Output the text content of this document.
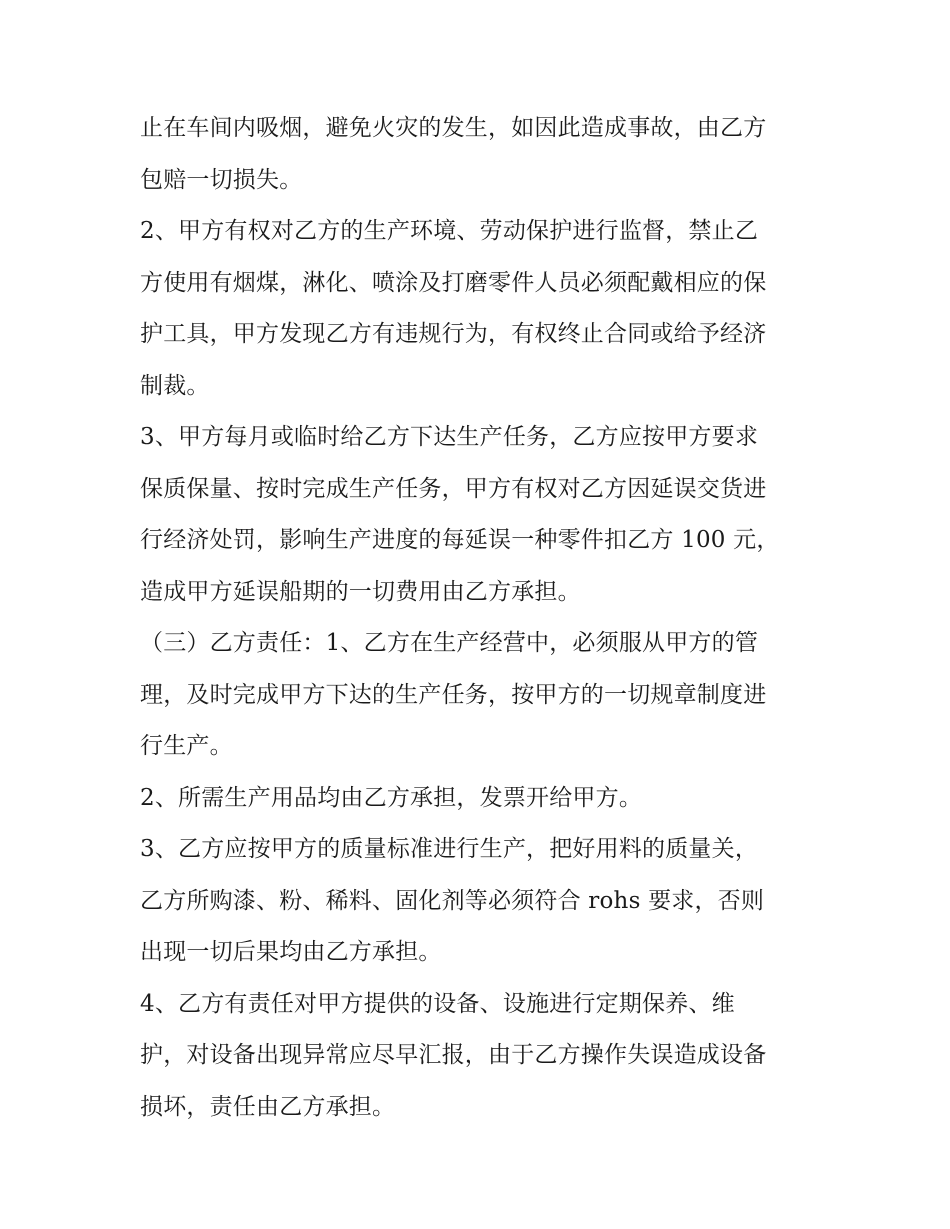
止在车间内吸烟，避免火灾的发生，如因此造成事故，由乙方
包赔一切损失。

2、甲方有权对乙方的生产环境、劳动保护进行监督，禁止乙
方使用有烟煤，淋化、喷涂及打磨零件人员必须配戴相应的保
护工具，甲方发现乙方有违规行为，有权终止合同或给予经济
制裁。

3、甲方每月或临时给乙方下达生产任务，乙方应按甲方要求
保质保量、按时完成生产任务，甲方有权对乙方因延误交货进
行经济处罚，影响生产进度的每延误一种零件扣乙方 100 元，
造成甲方延误船期的一切费用由乙方承担。

（三）乙方责任：1、乙方在生产经营中，必须服从甲方的管
理，及时完成甲方下达的生产任务，按甲方的一切规章制度进
行生产。

2、所需生产用品均由乙方承担，发票开给甲方。

3、乙方应按甲方的质量标准进行生产，把好用料的质量关，
乙方所购漆、粉、稀料、固化剂等必须符合 rohs 要求，否则
出现一切后果均由乙方承担。

4、乙方有责任对甲方提供的设备、设施进行定期保养、维
护，对设备出现异常应尽早汇报，由于乙方操作失误造成设备
损坏，责任由乙方承担。
